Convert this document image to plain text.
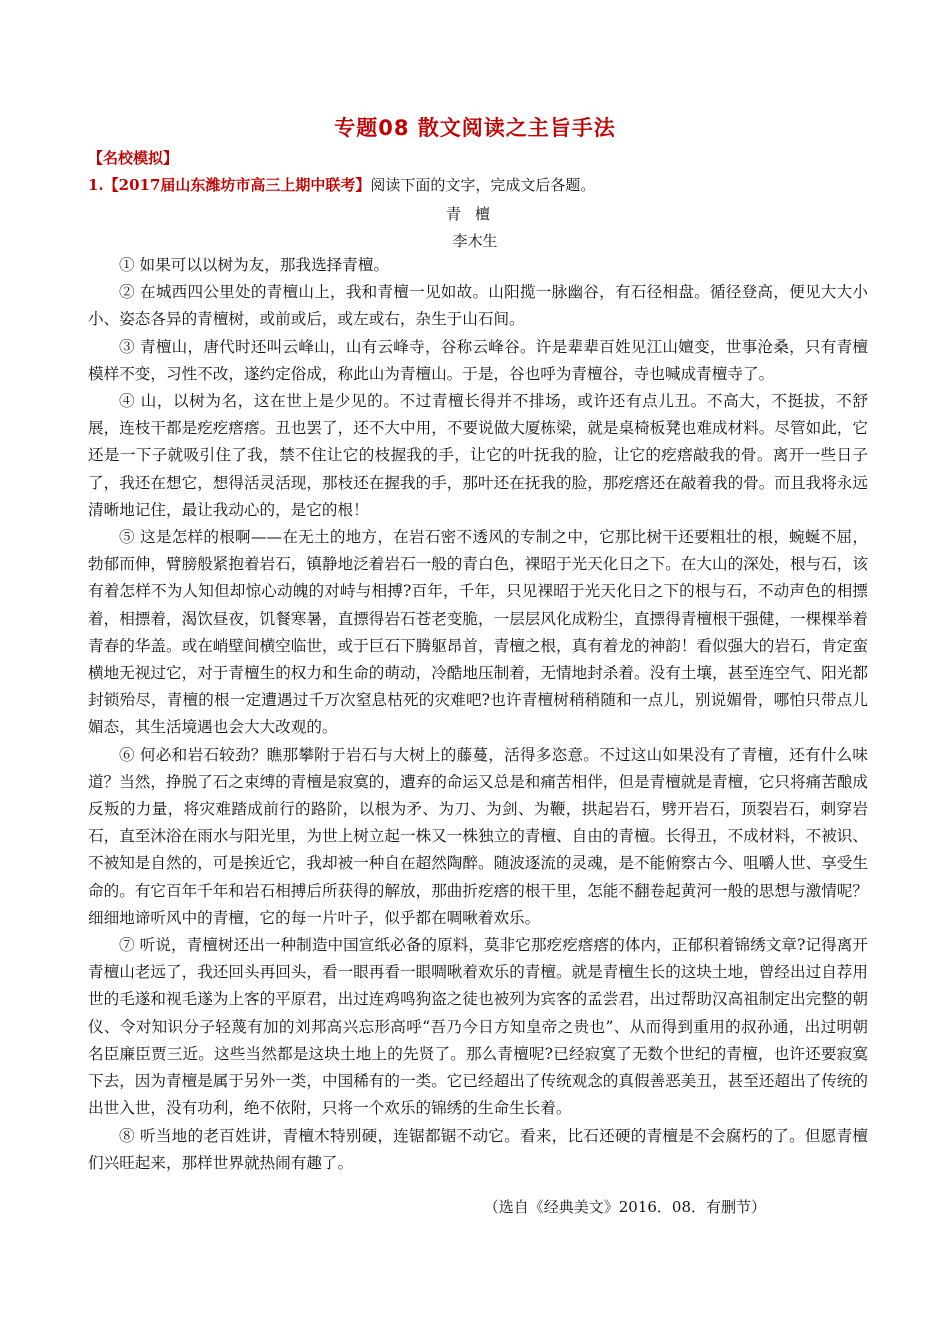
专题08 散文阅读之主旨手法
【名校模拟】
1.【2017届山东潍坊市高三上期中联考】阅读下面的文字，完成文后各题。
青檀
李木生

① 如果可以以树为友，那我选择青檀。

② 在城西四公里处的青檀山上，我和青檀一见如故。山阳揽一脉幽谷，有石径相盘。循径登高，便见大大小小、姿态各异的青檀树，或前或后，或左或右，杂生于山石间。

③ 青檀山，唐代时还叫云峰山，山有云峰寺，谷称云峰谷。许是辈辈百姓见江山嬗变，世事沧桑，只有青檀模样不变，习性不改，遂约定俗成，称此山为青檀山。于是，谷也呼为青檀谷，寺也喊成青檀寺了。

④ 山，以树为名，这在世上是少见的。不过青檀长得并不排场，或许还有点儿丑。不高大，不挺拔，不舒展，连枝干都是疙疙瘩瘩。丑也罢了，还不大中用，不要说做大厦栋梁，就是桌椅板凳也难成材料。尽管如此，它还是一下子就吸引住了我，禁不住让它的枝握我的手，让它的叶抚我的脸，让它的疙瘩敲我的骨。离开一些日子了，我还在想它，想得活灵活现，那枝还在握我的手，那叶还在抚我的脸，那疙瘩还在敲着我的骨。而且我将永远清晰地记住，最让我动心的，是它的根！

⑤ 这是怎样的根啊——在无土的地方，在岩石密不透风的专制之中，它那比树干还要粗壮的根，蜿蜒不屈，勃郁而伸，臂膀般紧抱着岩石，镇静地泛着岩石一般的青白色，裸昭于光天化日之下。在大山的深处，根与石，该有着怎样不为人知但却惊心动魄的对峙与相搏?百年，千年，只见裸昭于光天化日之下的根与石，不动声色的相摽着，相摽着，渴饮昼夜，饥餐寒暑，直摽得岩石苍老变脆，一层层风化成粉尘，直摽得青檀根干强健，一棵棵举着青春的华盖。或在峭壁间横空临世，或于巨石下腾躯昂首，青檀之根，真有着龙的神韵！看似强大的岩石，肯定蛮横地无视过它，对于青檀生的权力和生命的萌动，冷酷地压制着，无情地封杀着。没有土壤，甚至连空气、阳光都封锁殆尽，青檀的根一定遭遇过千万次窒息枯死的灾难吧?也许青檀树稍稍随和一点儿，别说媚骨，哪怕只带点儿媚态，其生活境遇也会大大改观的。

⑥ 何必和岩石较劲？瞧那攀附于岩石与大树上的藤蔓，活得多恣意。不过这山如果没有了青檀，还有什么味道？当然，挣脱了石之束缚的青檀是寂寞的，遭弃的命运又总是和痛苦相伴，但是青檀就是青檀，它只将痛苦酿成反叛的力量，将灾难踏成前行的路阶，以根为矛、为刀、为剑、为鞭，拱起岩石，劈开岩石，顶裂岩石，刺穿岩石，直至沐浴在雨水与阳光里，为世上树立起一株又一株独立的青檀、自由的青檀。长得丑，不成材料，不被识、不被知是自然的，可是挨近它，我却被一种自在超然陶醉。随波逐流的灵魂，是不能俯察古今、咀嚼人世、享受生命的。有它百年千年和岩石相搏后所获得的解放，那曲折疙瘩的根干里，怎能不翻卷起黄河一般的思想与激情呢？细细地谛听风中的青檀，它的每一片叶子，似乎都在啁啾着欢乐。

⑦ 听说，青檀树还出一种制造中国宣纸必备的原料，莫非它那疙疙瘩瘩的体内，正郁积着锦绣文章?记得离开青檀山老远了，我还回头再回头，看一眼再看一眼啁啾着欢乐的青檀。就是青檀生长的这块土地，曾经出过自荐用世的毛遂和视毛遂为上客的平原君，出过连鸡鸣狗盗之徒也被列为宾客的孟尝君，出过帮助汉高祖制定出完整的朝仪、令对知识分子轻蔑有加的刘邦高兴忘形高呼“吾乃今日方知皇帝之贵也”、从而得到重用的叔孙通，出过明朝名臣廉臣贾三近。这些当然都是这块土地上的先贤了。那么青檀呢?已经寂寞了无数个世纪的青檀，也许还要寂寞下去，因为青檀是属于另外一类，中国稀有的一类。它已经超出了传统观念的真假善恶美丑，甚至还超出了传统的出世入世，没有功利，绝不依附，只将一个欢乐的锦绣的生命生长着。

⑧ 听当地的老百姓讲，青檀木特别硬，连锯都锯不动它。看来，比石还硬的青檀是不会腐朽的了。但愿青檀们兴旺起来，那样世界就热闹有趣了。

（选自《经典美文》2016．08．有删节）
